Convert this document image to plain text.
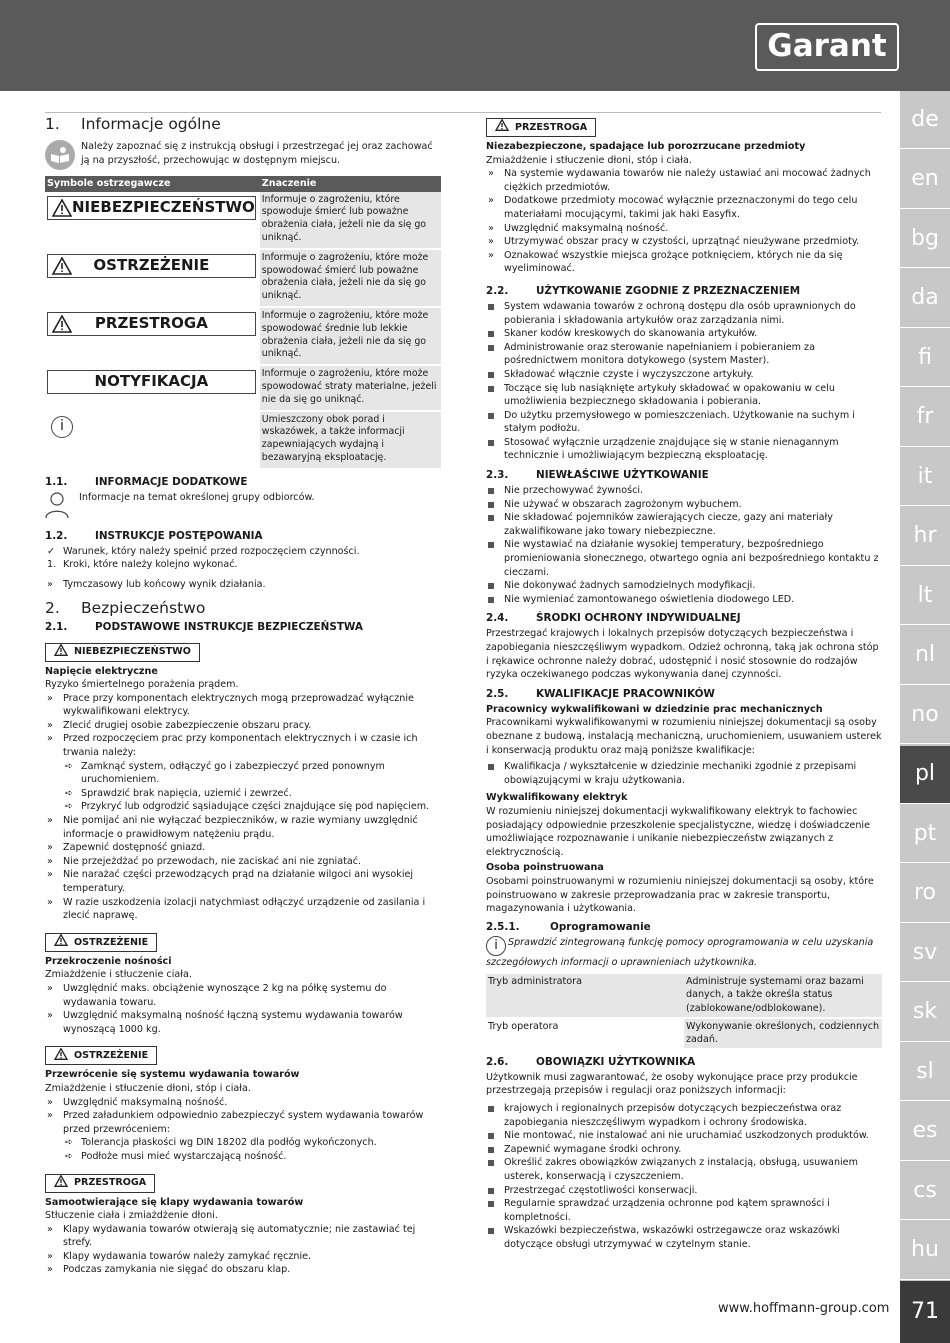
Garant
de
en
bg
da
fi
fr
it
hr
lt
nl
no
pl
pt
ro
sv
sk
sl
es
cs
hu
71
www.hoffmann-group.com
1. Informacje ogólne
Należy zapoznać się z instrukcją obsługi i przestrzegać jej oraz zachować ją na przyszłość, przechowując w dostępnym miejscu.
Symbole ostrzegawcze	Znaczenie

NIEBEZPIECZEŃSTWO	Informuje o zagrożeniu, które spowoduje śmierć lub poważne obrażenia ciała, jeżeli nie da się go uniknąć.

OSTRZEŻENIE	Informuje o zagrożeniu, które może spowodować śmierć lub poważne obrażenia ciała, jeżeli nie da się go uniknąć.

PRZESTROGA	Informuje o zagrożeniu, które może spowodować średnie lub lekkie obrażenia ciała, jeżeli nie da się go uniknąć.

NOTYFIKACJA	Informuje o zagrożeniu, które może spowodować straty materialne, jeżeli nie da się go uniknąć.

i	Umieszczony obok porad i wskazówek, a także informacji zapewniających wydajną i bezawaryjną eksploatację.
1.1.	INFORMACJE DODATKOWE
Informacje na temat określonej grupy odbiorców.
1.2.	INSTRUKCJE POSTĘPOWANIA
✓ Warunek, który należy spełnić przed rozpoczęciem czynności.
1. Kroki, które należy kolejno wykonać.
»	Tymczasowy lub końcowy wynik działania.
2. Bezpieczeństwo
2.1.	PODSTAWOWE INSTRUKCJE BEZPIECZEŃSTWA
NIEBEZPIECZEŃSTWO
Napięcie elektryczne
Ryzyko śmiertelnego porażenia prądem.
»	Prace przy komponentach elektrycznych mogą przeprowadzać wyłącznie wykwalifikowani elektrycy.
»	Zlecić drugiej osobie zabezpieczenie obszaru pracy.
»	Przed rozpoczęciem prac przy komponentach elektrycznych i w czasie ich trwania należy:
➪ Zamknąć system, odłączyć go i zabezpieczyć przed ponownym uruchomieniem.
➪ Sprawdzić brak napięcia, uziemić i zewrzeć.
➪ Przykryć lub odgrodzić sąsiadujące części znajdujące się pod napięciem.
»	Nie pomijać ani nie wyłączać bezpieczników, w razie wymiany uwzględnić informacje o prawidłowym natężeniu prądu.
»	Zapewnić dostępność gniazd.
»	Nie przejeżdżać po przewodach, nie zaciskać ani nie zgniatać.
»	Nie narażać części przewodzących prąd na działanie wilgoci ani wysokiej temperatury.
»	W razie uszkodzenia izolacji natychmiast odłączyć urządzenie od zasilania i zlecić naprawę.
OSTRZEŻENIE
Przekroczenie nośności
Zmiażdżenie i stłuczenie ciała.
»	Uwzględnić maks. obciążenie wynoszące 2 kg na półkę systemu do wydawania towaru.
»	Uwzględnić maksymalną nośność łączną systemu wydawania towarów wynoszącą 1000 kg.
OSTRZEŻENIE
Przewrócenie się systemu wydawania towarów
Zmiażdżenie i stłuczenie dłoni, stóp i ciała.
»	Uwzględnić maksymalną nośność.
»	Przed załadunkiem odpowiednio zabezpieczyć system wydawania towarów przed przewróceniem:
➪ Tolerancja płaskości wg DIN 18202 dla podłóg wykończonych.
➪ Podłoże musi mieć wystarczającą nośność.
PRZESTROGA
Samootwierające się klapy wydawania towarów
Stłuczenie ciała i zmiażdżenie dłoni.
»	Klapy wydawania towarów otwierają się automatycznie; nie zastawiać tej strefy.
»	Klapy wydawania towarów należy zamykać ręcznie.
»	Podczas zamykania nie sięgać do obszaru klap.
PRZESTROGA
Niezabezpieczone, spadające lub porozrzucane przedmioty
Zmiażdżenie i stłuczenie dłoni, stóp i ciała.
»	Na systemie wydawania towarów nie należy ustawiać ani mocować żadnych ciężkich przedmiotów.
»	Dodatkowe przedmioty mocować wyłącznie przeznaczonymi do tego celu materiałami mocującymi, takimi jak haki Easyfix.
»	Uwzględnić maksymalną nośność.
»	Utrzymywać obszar pracy w czystości, uprzątnąć nieużywane przedmioty.
»	Oznakować wszystkie miejsca grożące potknięciem, których nie da się wyeliminować.
2.2.	UŻYTKOWANIE ZGODNIE Z PRZEZNACZENIEM
System wdawania towarów z ochroną dostępu dla osób uprawnionych do pobierania i składowania artykułów oraz zarządzania nimi.
Skaner kodów kreskowych do skanowania artykułów.
Administrowanie oraz sterowanie napełnianiem i pobieraniem za pośrednictwem monitora dotykowego (system Master).
Składować włącznie czyste i wyczyszczone artykuły.
Toczące się lub nasiąknięte artykuły składować w opakowaniu w celu umożliwienia bezpiecznego składowania i pobierania.
Do użytku przemysłowego w pomieszczeniach. Użytkowanie na suchym i stałym podłożu.
Stosować wyłącznie urządzenie znajdujące się w stanie nienagannym technicznie i umożliwiającym bezpieczną eksploatację.
2.3.	NIEWŁAŚCIWE UŻYTKOWANIE
Nie przechowywać żywności.
Nie używać w obszarach zagrożonym wybuchem.
Nie składować pojemników zawierających ciecze, gazy ani materiały zakwalifikowane jako towary niebezpieczne.
Nie wystawiać na działanie wysokiej temperatury, bezpośredniego promieniowania słonecznego, otwartego ognia ani bezpośredniego kontaktu z cieczami.
Nie dokonywać żadnych samodzielnych modyfikacji.
Nie wymieniać zamontowanego oświetlenia diodowego LED.
2.4.	ŚRODKI OCHRONY INDYWIDUALNEJ
Przestrzegać krajowych i lokalnych przepisów dotyczących bezpieczeństwa i zapobiegania nieszczęśliwym wypadkom. Odzież ochronną, taką jak ochrona stóp i rękawice ochronne należy dobrać, udostępnić i nosić stosownie do rodzajów ryzyka oczekiwanego podczas wykonywania danej czynności.
2.5.	KWALIFIKACJE PRACOWNIKÓW
Pracownicy wykwalifikowani w dziedzinie prac mechanicznych
Pracownikami wykwalifikowanymi w rozumieniu niniejszej dokumentacji są osoby obeznane z budową, instalacją mechaniczną, uruchomieniem, usuwaniem usterek i konserwacją produktu oraz mają poniższe kwalifikacje:
Kwalifikacja / wykształcenie w dziedzinie mechaniki zgodnie z przepisami obowiązującymi w kraju użytkowania.
Wykwalifikowany elektryk
W rozumieniu niniejszej dokumentacji wykwalifikowany elektryk to fachowiec posiadający odpowiednie przeszkolenie specjalistyczne, wiedzę i doświadczenie umożliwiające rozpoznawanie i unikanie niebezpieczeństw związanych z elektrycznością.
Osoba poinstruowana
Osobami poinstruowanymi w rozumieniu niniejszej dokumentacji są osoby, które poinstruowano w zakresie przeprowadzania prac w zakresie transportu, magazynowania i użytkowania.
2.5.1.	Oprogramowanie
i Sprawdzić zintegrowaną funkcję pomocy oprogramowania w celu uzyskania szczegółowych informacji o uprawnieniach użytkownika.
Tryb administratora	Administruje systemami oraz bazami danych, a także określa status (zablokowane/odblokowane).
Tryb operatora	Wykonywanie określonych, codziennych zadań.
2.6.	OBOWIĄZKI UŻYTKOWNIKA
Użytkownik musi zagwarantować, że osoby wykonujące prace przy produkcie przestrzegają przepisów i regulacji oraz poniższych informacji:
krajowych i regionalnych przepisów dotyczących bezpieczeństwa oraz zapobiegania nieszczęśliwym wypadkom i ochrony środowiska.
Nie montować, nie instalować ani nie uruchamiać uszkodzonych produktów.
Zapewnić wymagane środki ochrony.
Określić zakres obowiązków związanych z instalacją, obsługą, usuwaniem usterek, konserwacją i czyszczeniem.
Przestrzegać częstotliwości konserwacji.
Regularnie sprawdzać urządzenia ochronne pod kątem sprawności i kompletności.
Wskazówki bezpieczeństwa, wskazówki ostrzegawcze oraz wskazówki dotyczące obsługi utrzymywać w czytelnym stanie.
